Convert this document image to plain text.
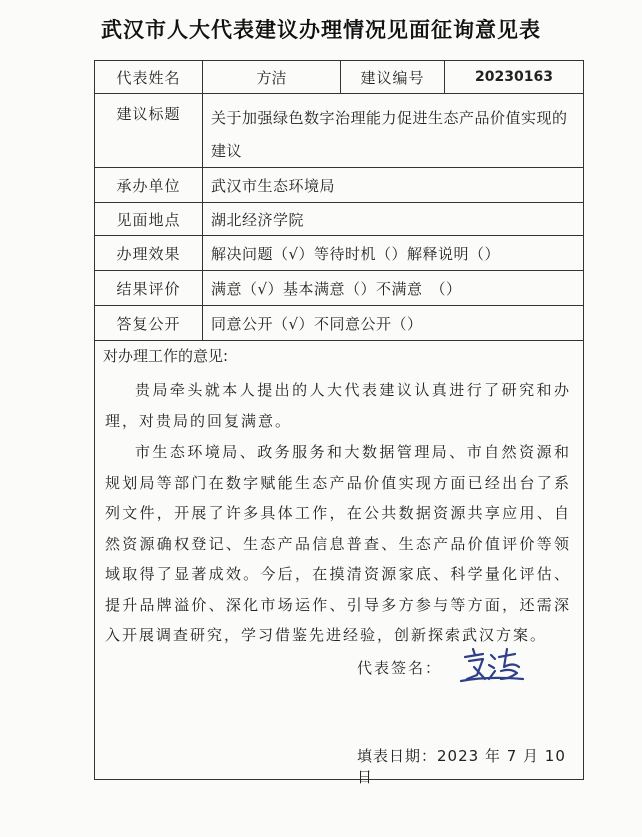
武汉市人大代表建议办理情况见面征询意见表
代表姓名	方洁	建议编号	20230163
建议标题	关于加强绿色数字治理能力促进生态产品价值实现的建议
承办单位	武汉市生态环境局
见面地点	湖北经济学院
办理效果	解决问题（√）等待时机（）解释说明（）
结果评价	满意（√）基本满意（）不满意　（）
答复公开	同意公开（√）不同意公开（）
对办理工作的意见:
贵局牵头就本人提出的人大代表建议认真进行了研究和办理，对贵局的回复满意。
市生态环境局、政务服务和大数据管理局、市自然资源和规划局等部门在数字赋能生态产品价值实现方面已经出台了系列文件，开展了许多具体工作，在公共数据资源共享应用、自然资源确权登记、生态产品信息普查、生态产品价值评价等领域取得了显著成效。今后，在摸清资源家底、科学量化评估、提升品牌溢价、深化市场运作、引导多方参与等方面，还需深入开展调查研究，学习借鉴先进经验，创新探索武汉方案。
代表签名：
填表日期：2023 年 7 月 10 日
